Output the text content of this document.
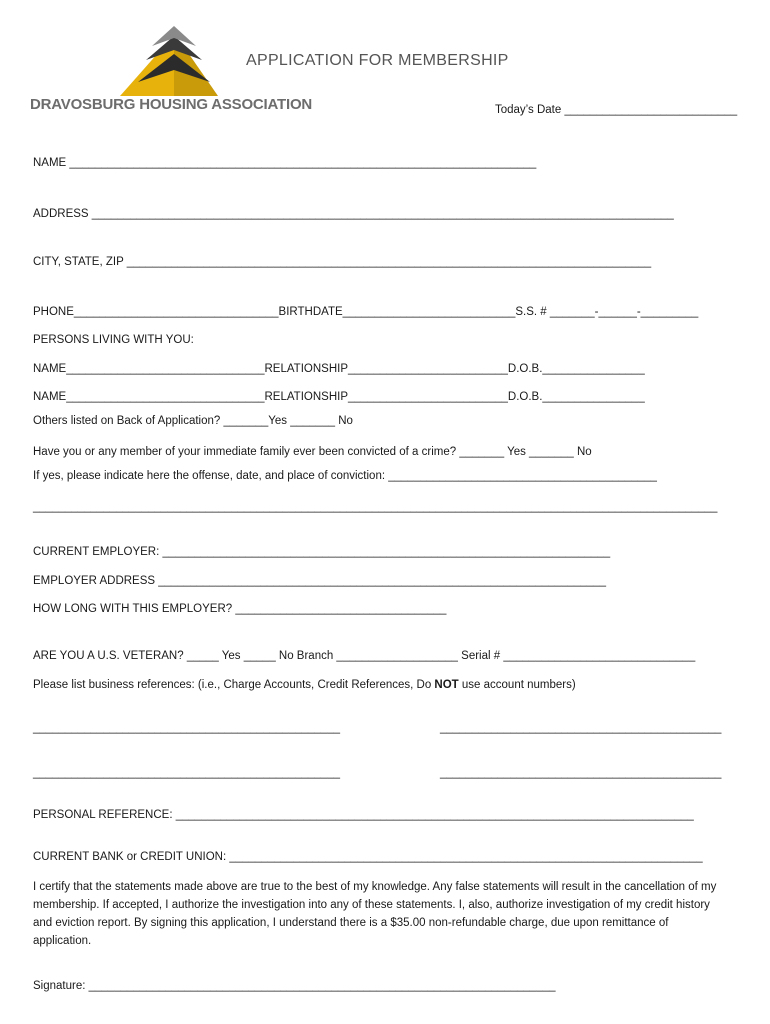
DRAVOSBURG HOUSING ASSOCIATION
APPLICATION FOR MEMBERSHIP
Today’s Date ___________________________
NAME _________________________________________________________________________
ADDRESS ___________________________________________________________________________________________
CITY, STATE, ZIP __________________________________________________________________________________
PHONE________________________________BIRTHDATE___________________________S.S. # _______-______-_________
PERSONS LIVING WITH YOU:
NAME_______________________________RELATIONSHIP_________________________D.O.B.________________
NAME_______________________________RELATIONSHIP_________________________D.O.B.________________
Others listed on Back of Application? _______Yes _______ No
Have you or any member of your immediate family ever been convicted of a crime? _______ Yes _______ No
If yes, please indicate here the offense, date, and place of conviction: __________________________________________
___________________________________________________________________________________________________________
CURRENT EMPLOYER: ______________________________________________________________________
EMPLOYER ADDRESS ______________________________________________________________________
HOW LONG WITH THIS EMPLOYER? _________________________________
ARE YOU A U.S. VETERAN? _____ Yes _____ No Branch ___________________ Serial # ______________________________
Please list business references: (i.e., Charge Accounts, Credit References, Do NOT use account numbers)
________________________________________________	____________________________________________
________________________________________________	____________________________________________
PERSONAL REFERENCE: _________________________________________________________________________________
CURRENT BANK or CREDIT UNION: __________________________________________________________________________
I certify that the statements made above are true to the best of my knowledge. Any false statements will result in the cancellation of my membership. If accepted, I authorize the investigation into any of these statements. I, also, authorize investigation of my credit history and eviction report. By signing this application, I understand there is a $35.00 non-refundable charge, due upon remittance of application.
Signature: _________________________________________________________________________
